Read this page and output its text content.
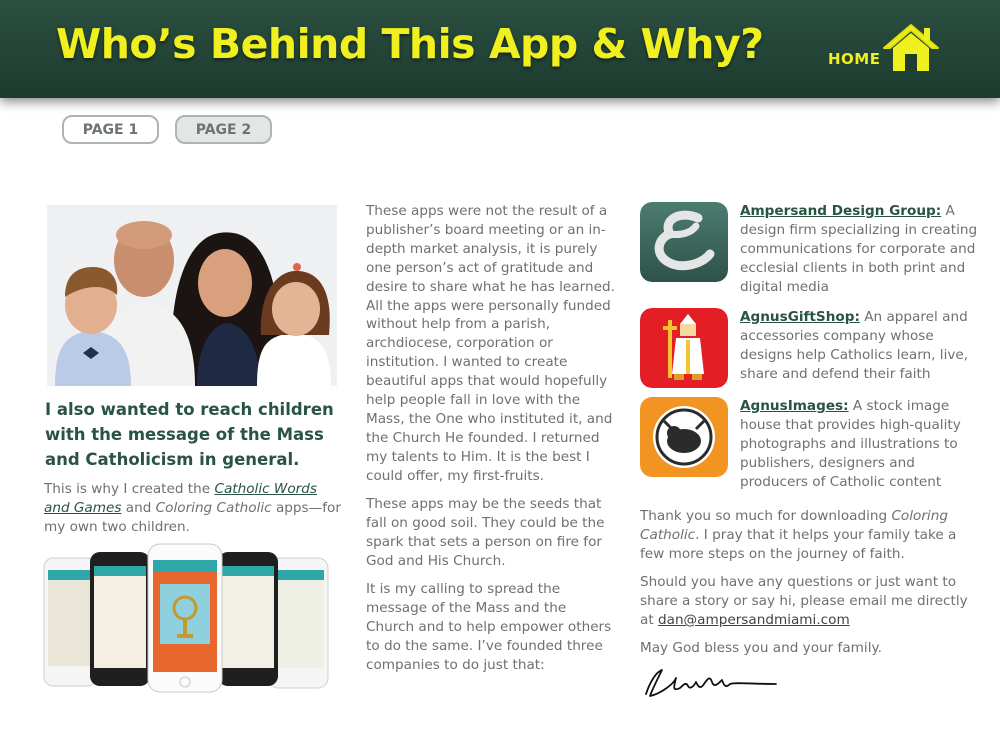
Who’s Behind This App & Why?	HOME
PAGE 1	PAGE 2
I also wanted to reach children with the message of the Mass and Catholicism in general.
This is why I created the Catholic Words and Games and Coloring Catholic apps—for my own two children.

These apps were not the result of a publisher’s board meeting or an in-depth market analysis, it is purely one person’s act of gratitude and desire to share what he has learned. All the apps were personally funded without help from a parish, archdiocese, corporation or institution. I wanted to create beautiful apps that would hopefully help people fall in love with the Mass, the One who instituted it, and the Church He founded. I returned my talents to Him. It is the best I could offer, my first-fruits.

These apps may be the seeds that fall on good soil. They could be the spark that sets a person on fire for God and His Church.

It is my calling to spread the message of the Mass and the Church and to help empower others to do the same. I’ve founded three companies to do just that:

Ampersand Design Group: A design firm specializing in creating communications for corporate and ecclesial clients in both print and digital media
AgnusGiftShop: An apparel and accessories company whose designs help Catholics learn, live, share and defend their faith
AgnusImages: A stock image house that provides high-quality photographs and illustrations to publishers, designers and producers of Catholic content

Thank you so much for downloading Coloring Catholic. I pray that it helps your family take a few more steps on the journey of faith.

Should you have any questions or just want to share a story or say hi, please email me directly at dan@ampersandmiami.com

May God bless you and your family.
